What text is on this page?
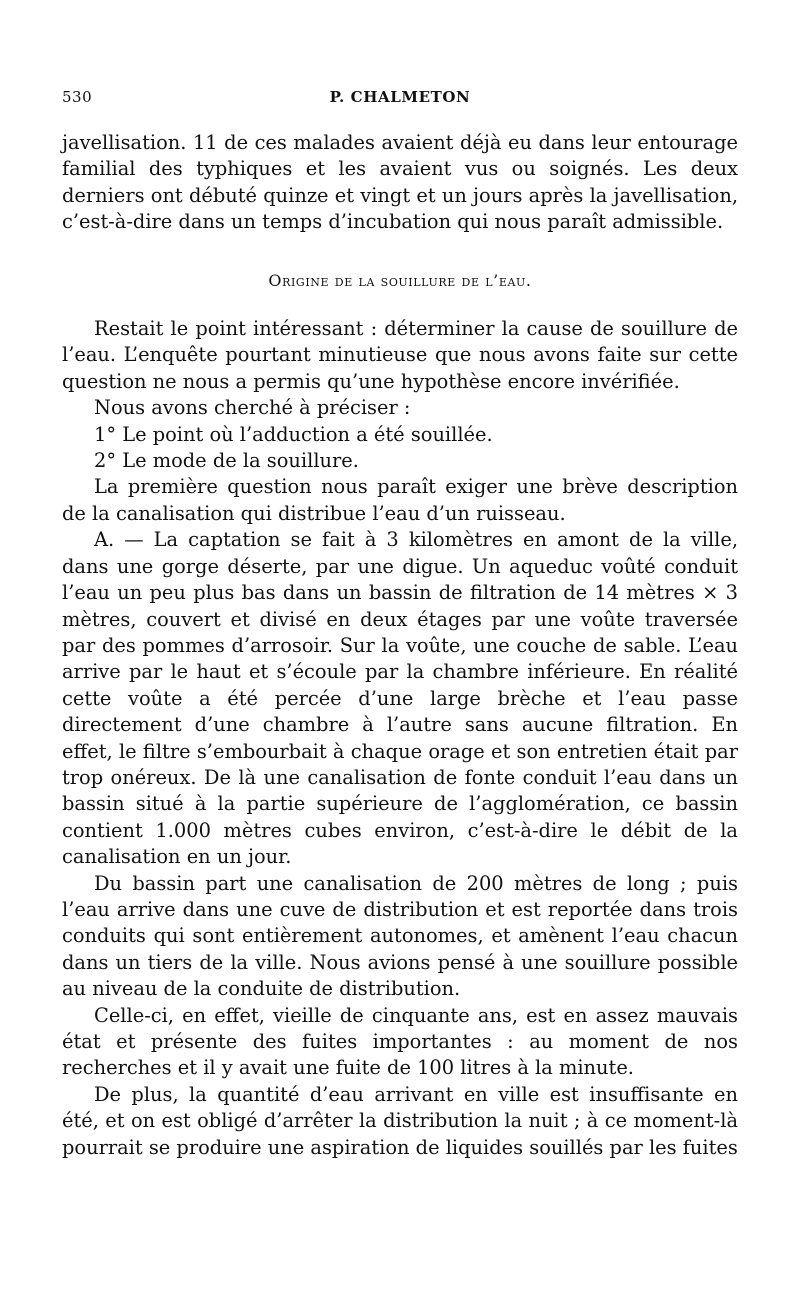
530	P. CHALMETON

javellisation. 11 de ces malades avaient déjà eu dans leur entourage familial des typhiques et les avaient vus ou soignés. Les deux derniers ont débuté quinze et vingt et un jours après la javellisation, c’est-à-dire dans un temps d’incubation qui nous paraît admissible.

Origine de la souillure de l’eau.

Restait le point intéressant : déterminer la cause de souillure de l’eau. L’enquête pourtant minutieuse que nous avons faite sur cette question ne nous a permis qu’une hypothèse encore invérifiée.

Nous avons cherché à préciser :

1° Le point où l’adduction a été souillée.

2° Le mode de la souillure.

La première question nous paraît exiger une brève description de la canalisation qui distribue l’eau d’un ruisseau.

A. — La captation se fait à 3 kilomètres en amont de la ville, dans une gorge déserte, par une digue. Un aqueduc voûté conduit l’eau un peu plus bas dans un bassin de filtration de 14 mètres × 3 mètres, couvert et divisé en deux étages par une voûte traversée par des pommes d’arrosoir. Sur la voûte, une couche de sable. L’eau arrive par le haut et s’écoule par la chambre inférieure. En réalité cette voûte a été percée d’une large brèche et l’eau passe directement d’une chambre à l’autre sans aucune filtration. En effet, le filtre s’embourbait à chaque orage et son entretien était par trop onéreux. De là une canalisation de fonte conduit l’eau dans un bassin situé à la partie supérieure de l’agglomération, ce bassin contient 1.000 mètres cubes environ, c’est-à-dire le débit de la canalisation en un jour.

Du bassin part une canalisation de 200 mètres de long ; puis l’eau arrive dans une cuve de distribution et est reportée dans trois conduits qui sont entièrement autonomes, et amènent l’eau chacun dans un tiers de la ville. Nous avions pensé à une souillure possible au niveau de la conduite de distribution.

Celle-ci, en effet, vieille de cinquante ans, est en assez mauvais état et présente des fuites importantes : au moment de nos recherches et il y avait une fuite de 100 litres à la minute.

De plus, la quantité d’eau arrivant en ville est insuffisante en été, et on est obligé d’arrêter la distribution la nuit ; à ce moment-là pourrait se produire une aspiration de liquides souillés par les fuites
